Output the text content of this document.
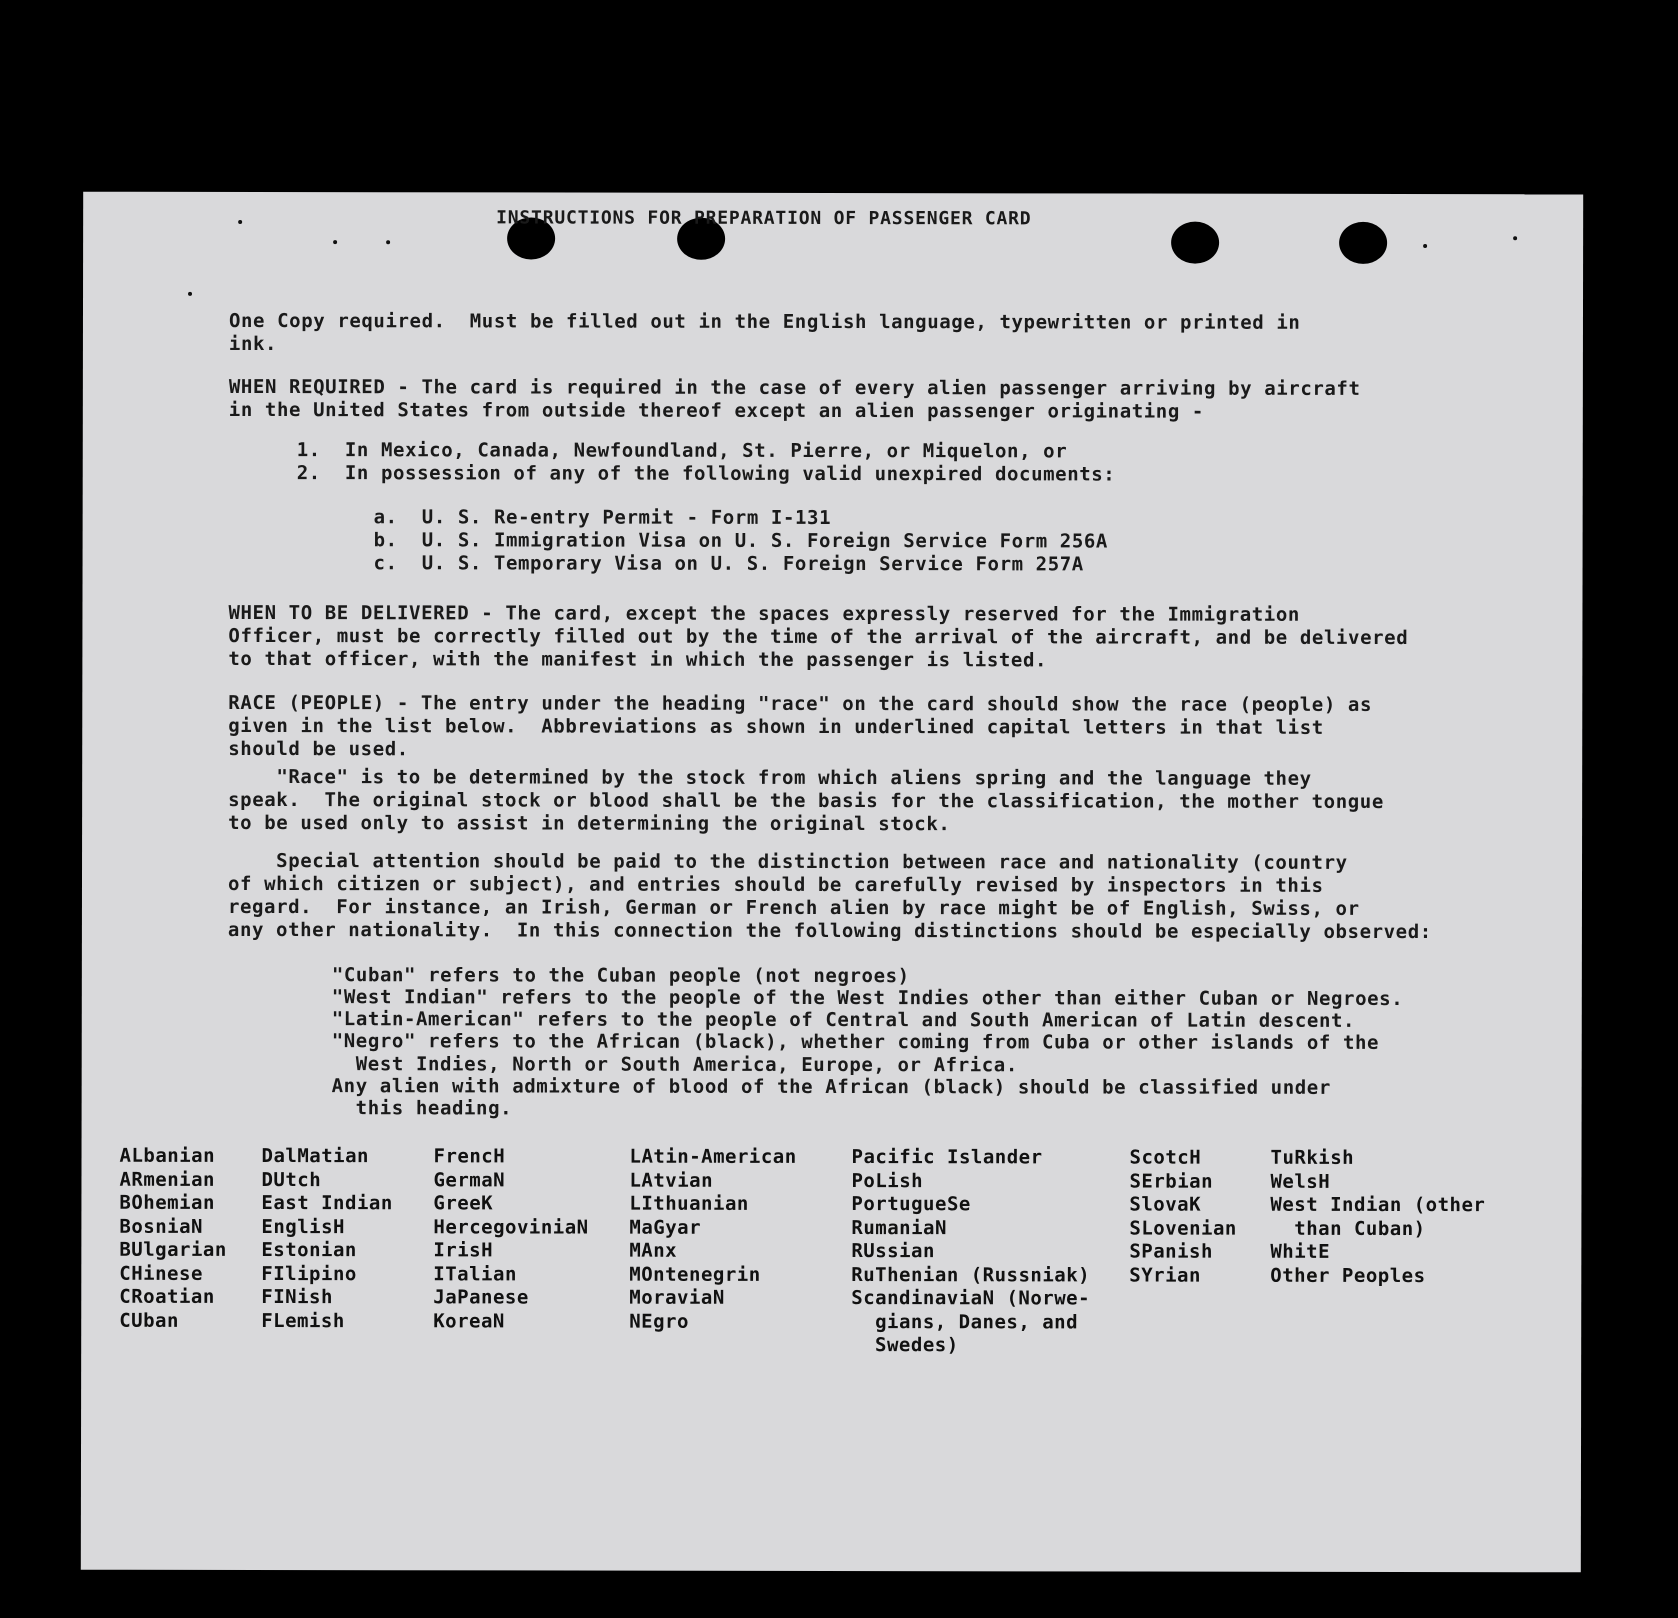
INSTRUCTIONS FOR PREPARATION OF PASSENGER CARD

One Copy required.  Must be filled out in the English language, typewritten or printed in
ink.

WHEN REQUIRED - The card is required in the case of every alien passenger arriving by aircraft
in the United States from outside thereof except an alien passenger originating -

1.  In Mexico, Canada, Newfoundland, St. Pierre, or Miquelon, or
2.  In possession of any of the following valid unexpired documents:

a.  U. S. Re-entry Permit - Form I-131
b.  U. S. Immigration Visa on U. S. Foreign Service Form 256A
c.  U. S. Temporary Visa on U. S. Foreign Service Form 257A

WHEN TO BE DELIVERED - The card, except the spaces expressly reserved for the Immigration
Officer, must be correctly filled out by the time of the arrival of the aircraft, and be delivered
to that officer, with the manifest in which the passenger is listed.

RACE (PEOPLE) - The entry under the heading "race" on the card should show the race (people) as
given in the list below.  Abbreviations as shown in underlined capital letters in that list
should be used.

"Race" is to be determined by the stock from which aliens spring and the language they
speak.  The original stock or blood shall be the basis for the classification, the mother tongue
to be used only to assist in determining the original stock.

Special attention should be paid to the distinction between race and nationality (country
of which citizen or subject), and entries should be carefully revised by inspectors in this
regard.  For instance, an Irish, German or French alien by race might be of English, Swiss, or
any other nationality.  In this connection the following distinctions should be especially observed:

"Cuban" refers to the Cuban people (not negroes)
"West Indian" refers to the people of the West Indies other than either Cuban or Negroes.
"Latin-American" refers to the people of Central and South American of Latin descent.
"Negro" refers to the African (black), whether coming from Cuba or other islands of the
West Indies, North or South America, Europe, or Africa.
Any alien with admixture of blood of the African (black) should be classified under
this heading.

ALbanian
ARmenian
BOhemian
BosniaN
BUlgarian
CHinese
CRoatian
CUban
DalMatian
DUtch
East Indian
EnglisH
Estonian
FIlipino
FINish
FLemish
FrencH
GermaN
GreeK
HercegoviniaN
IrisH
ITalian
JaPanese
KoreaN
LAtin-American
LAtvian
LIthuanian
MaGyar
MAnx
MOntenegrin
MoraviaN
NEgro
Pacific Islander
PoLish
PortugueSe
RumaniaN
RUssian
RuThenian (Russniak)
ScandinaviaN (Norwe-
gians, Danes, and
Swedes)
ScotcH
SErbian
SlovaK
SLovenian
SPanish
SYrian
TuRkish
WelsH
West Indian (other
than Cuban)
WhitE
Other Peoples
